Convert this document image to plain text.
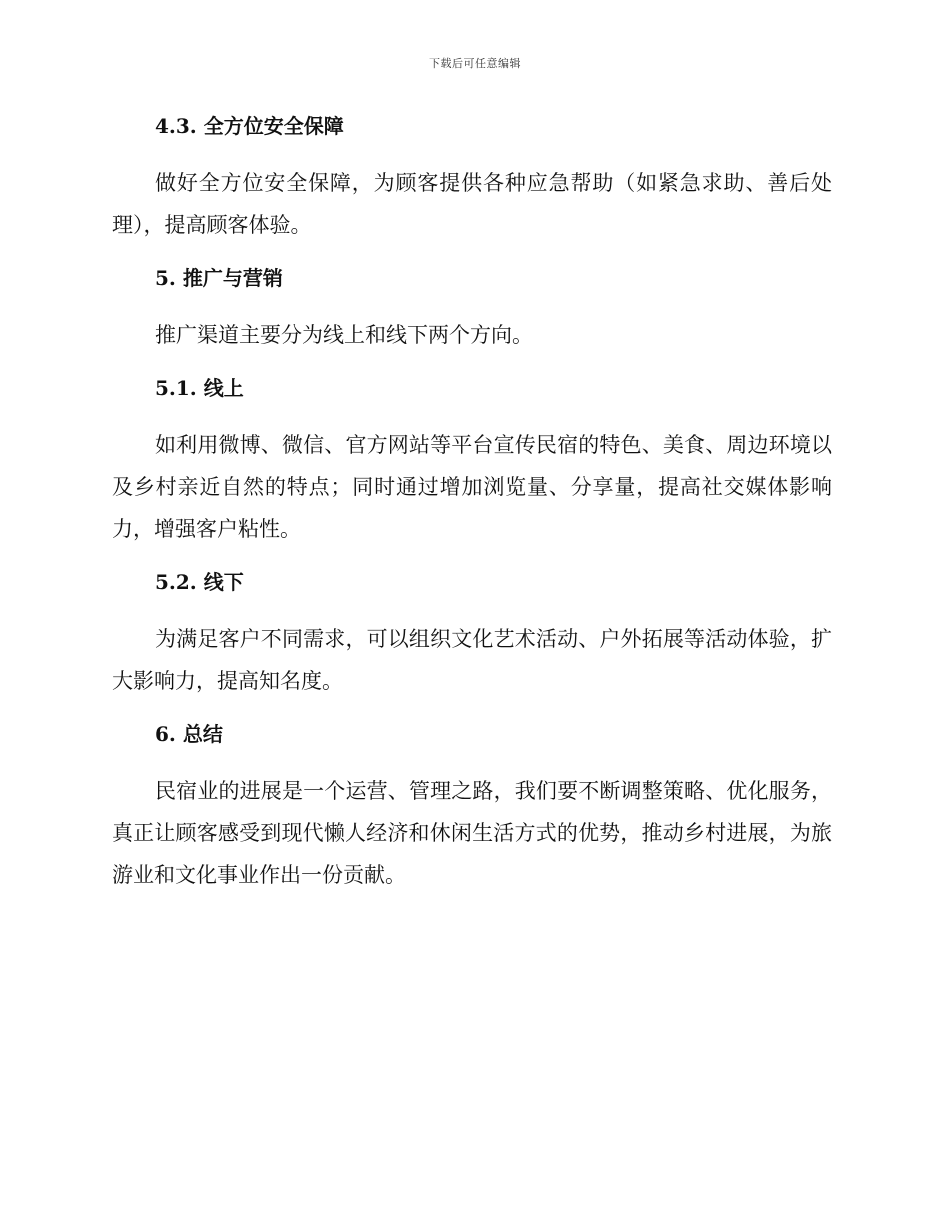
下载后可任意编辑
4.3. 全方位安全保障

做好全方位安全保障，为顾客提供各种应急帮助（如紧急求助、善后处理），提高顾客体验。

5. 推广与营销

推广渠道主要分为线上和线下两个方向。

5.1. 线上

如利用微博、微信、官方网站等平台宣传民宿的特色、美食、周边环境以及乡村亲近自然的特点；同时通过增加浏览量、分享量，提高社交媒体影响力，增强客户粘性。

5.2. 线下

为满足客户不同需求，可以组织文化艺术活动、户外拓展等活动体验，扩大影响力，提高知名度。

6. 总结

民宿业的进展是一个运营、管理之路，我们要不断调整策略、优化服务，真正让顾客感受到现代懒人经济和休闲生活方式的优势，推动乡村进展，为旅游业和文化事业作出一份贡献。
